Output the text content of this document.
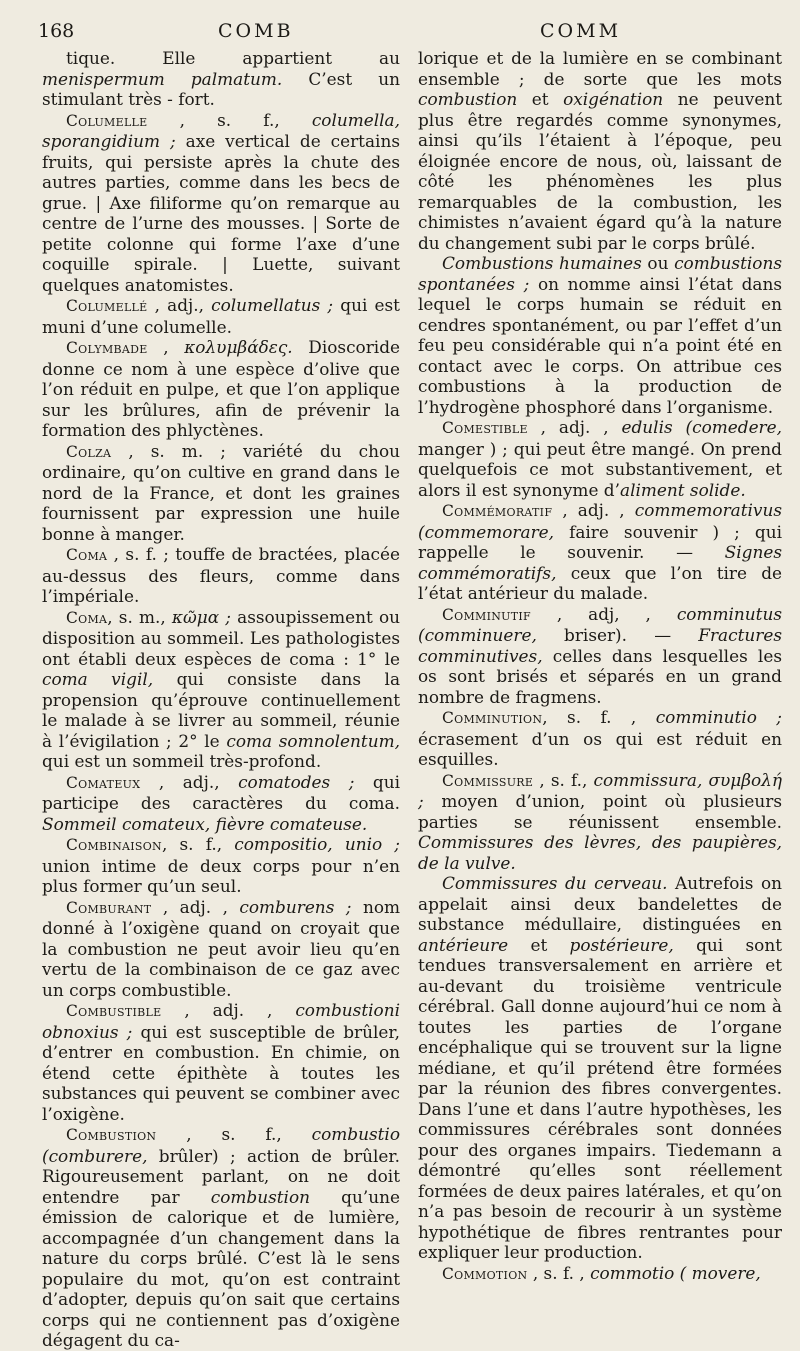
168	COMB	COMM

tique. Elle appartient au menispermum palmatum. C’est un stimulant très - fort.

Columelle , s. f., columella, sporangidium ; axe vertical de certains fruits, qui persiste après la chute des autres parties, comme dans les becs de grue. | Axe filiforme qu’on remarque au centre de l’urne des mousses. | Sorte de petite colonne qui forme l’axe d’une coquille spirale. | Luette, suivant quelques anatomistes.

Columellé , adj., columellatus ; qui est muni d’une columelle.

Colymbade , κολυμβάδες. Dioscoride donne ce nom à une espèce d’olive que l’on réduit en pulpe, et que l’on applique sur les brûlures, afin de prévenir la formation des phlyctènes.

Colza , s. m. ; variété du chou ordinaire, qu’on cultive en grand dans le nord de la France, et dont les graines fournissent par expression une huile bonne à manger.

Coma , s. f. ; touffe de bractées, placée au-dessus des fleurs, comme dans l’impériale.

Coma, s. m., κῶμα ; assoupissement ou disposition au sommeil. Les pathologistes ont établi deux espèces de coma : 1° le coma vigil, qui consiste dans la propension qu’éprouve continuellement le malade à se livrer au sommeil, réunie à l’évigilation ; 2° le coma somnolentum, qui est un sommeil très-profond.

Comateux , adj., comatodes ; qui participe des caractères du coma. Sommeil comateux, fièvre comateuse.

Combinaison, s. f., compositio, unio ; union intime de deux corps pour n’en plus former qu’un seul.

Comburant , adj. , comburens ; nom donné à l’oxigène quand on croyait que la combustion ne peut avoir lieu qu’en vertu de la combinaison de ce gaz avec un corps combustible.

Combustible , adj. , combustioni obnoxius ; qui est susceptible de brûler, d’entrer en combustion. En chimie, on étend cette épithète à toutes les substances qui peuvent se combiner avec l’oxigène.

Combustion , s. f., combustio (comburere, brûler) ; action de brûler. Rigoureusement parlant, on ne doit entendre par combustion qu’une émission de calorique et de lumière, accompagnée d’un changement dans la nature du corps brûlé. C’est là le sens populaire du mot, qu’on est contraint d’adopter, depuis qu’on sait que certains corps qui ne contiennent pas d’oxigène dégagent du ca-

lorique et de la lumière en se combinant ensemble ; de sorte que les mots combustion et oxigénation ne peuvent plus être regardés comme synonymes, ainsi qu’ils l’étaient à l’époque, peu éloignée encore de nous, où, laissant de côté les phénomènes les plus remarquables de la combustion, les chimistes n’avaient égard qu’à la nature du changement subi par le corps brûlé.

Combustions humaines ou combustions spontanées ; on nomme ainsi l’état dans lequel le corps humain se réduit en cendres spontanément, ou par l’effet d’un feu peu considérable qui n’a point été en contact avec le corps. On attribue ces combustions à la production de l’hydrogène phosphoré dans l’organisme.

Comestible , adj. , edulis (comedere, manger ) ; qui peut être mangé. On prend quelquefois ce mot substantivement, et alors il est synonyme d’aliment solide.

Commémoratif , adj. , commemorativus (commemorare, faire souvenir ) ; qui rappelle le souvenir. — Signes commémoratifs, ceux que l’on tire de l’état antérieur du malade.

Comminutif , adj, , comminutus (comminuere, briser). — Fractures comminutives, celles dans lesquelles les os sont brisés et séparés en un grand nombre de fragmens.

Comminution, s. f. , comminutio ; écrasement d’un os qui est réduit en esquilles.

Commissure , s. f., commissura, συμβολή ; moyen d’union, point où plusieurs parties se réunissent ensemble. Commissures des lèvres, des paupières, de la vulve.

Commissures du cerveau. Autrefois on appelait ainsi deux bandelettes de substance médullaire, distinguées en antérieure et postérieure, qui sont tendues transversalement en arrière et au-devant du troisième ventricule cérébral. Gall donne aujourd’hui ce nom à toutes les parties de l’organe encéphalique qui se trouvent sur la ligne médiane, et qu’il prétend être formées par la réunion des fibres convergentes. Dans l’une et dans l’autre hypothèses, les commissures cérébrales sont données pour des organes impairs. Tiedemann a démontré qu’elles sont réellement formées de deux paires latérales, et qu’on n’a pas besoin de recourir à un système hypothétique de fibres rentrantes pour expliquer leur production.

Commotion , s. f. , commotio ( movere,
